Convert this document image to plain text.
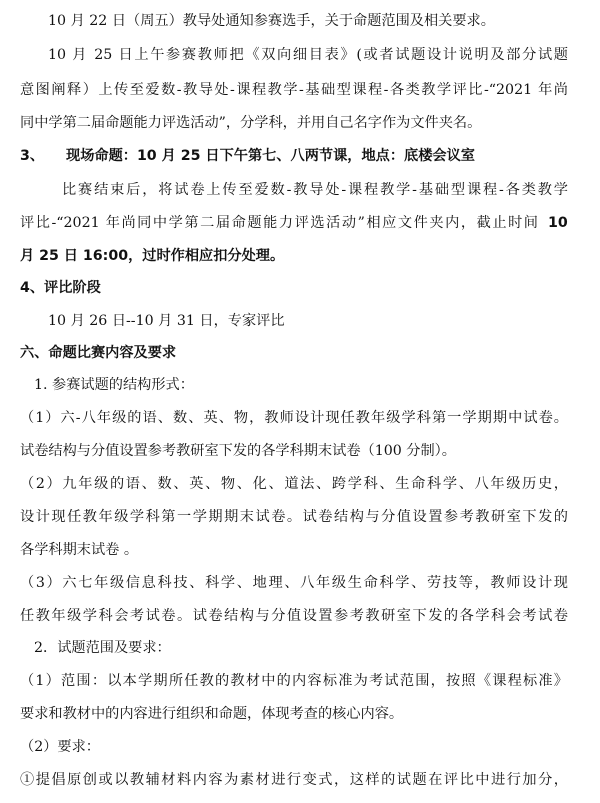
10 月 22 日（周五）教导处通知参赛选手，关于命题范围及相关要求。
10 月 25 日上午参赛教师把《双向细目表》(或者试题设计说明及部分试题
意图阐释）上传至爱数-教导处-课程教学-基础型课程-各类教学评比-“2021 年尚
同中学第二届命题能力评选活动”，分学科，并用自己名字作为文件夹名。
3、 现场命题：10 月 25 日下午第七、八两节课，地点：底楼会议室
比赛结束后，将试卷上传至爱数-教导处-课程教学-基础型课程-各类教学
评比-“2021 年尚同中学第二届命题能力评选活动”相应文件夹内，截止时间 10
月 25 日 16:00，过时作相应扣分处理。
4、评比阶段
10 月 26 日--10 月 31 日，专家评比
六、命题比赛内容及要求
1. 参赛试题的结构形式：
（1）六-八年级的语、数、英、物，教师设计现任教年级学科第一学期期中试卷。
试卷结构与分值设置参考教研室下发的各学科期末试卷（100 分制）。
（2）九年级的语、数、英、物、化、道法、跨学科、生命科学、八年级历史，
设计现任教年级学科第一学期期末试卷。试卷结构与分值设置参考教研室下发的
各学科期末试卷 。
（3）六七年级信息科技、科学、地理、八年级生命科学、劳技等，教师设计现
任教年级学科会考试卷。试卷结构与分值设置参考教研室下发的各学科会考试卷
2．试题范围及要求：
（1）范围：以本学期所任教的教材中的内容标准为考试范围，按照《课程标准》
要求和教材中的内容进行组织和命题，体现考查的核心内容。
（2）要求：
①提倡原创或以教辅材料内容为素材进行变式，这样的试题在评比中进行加分，
